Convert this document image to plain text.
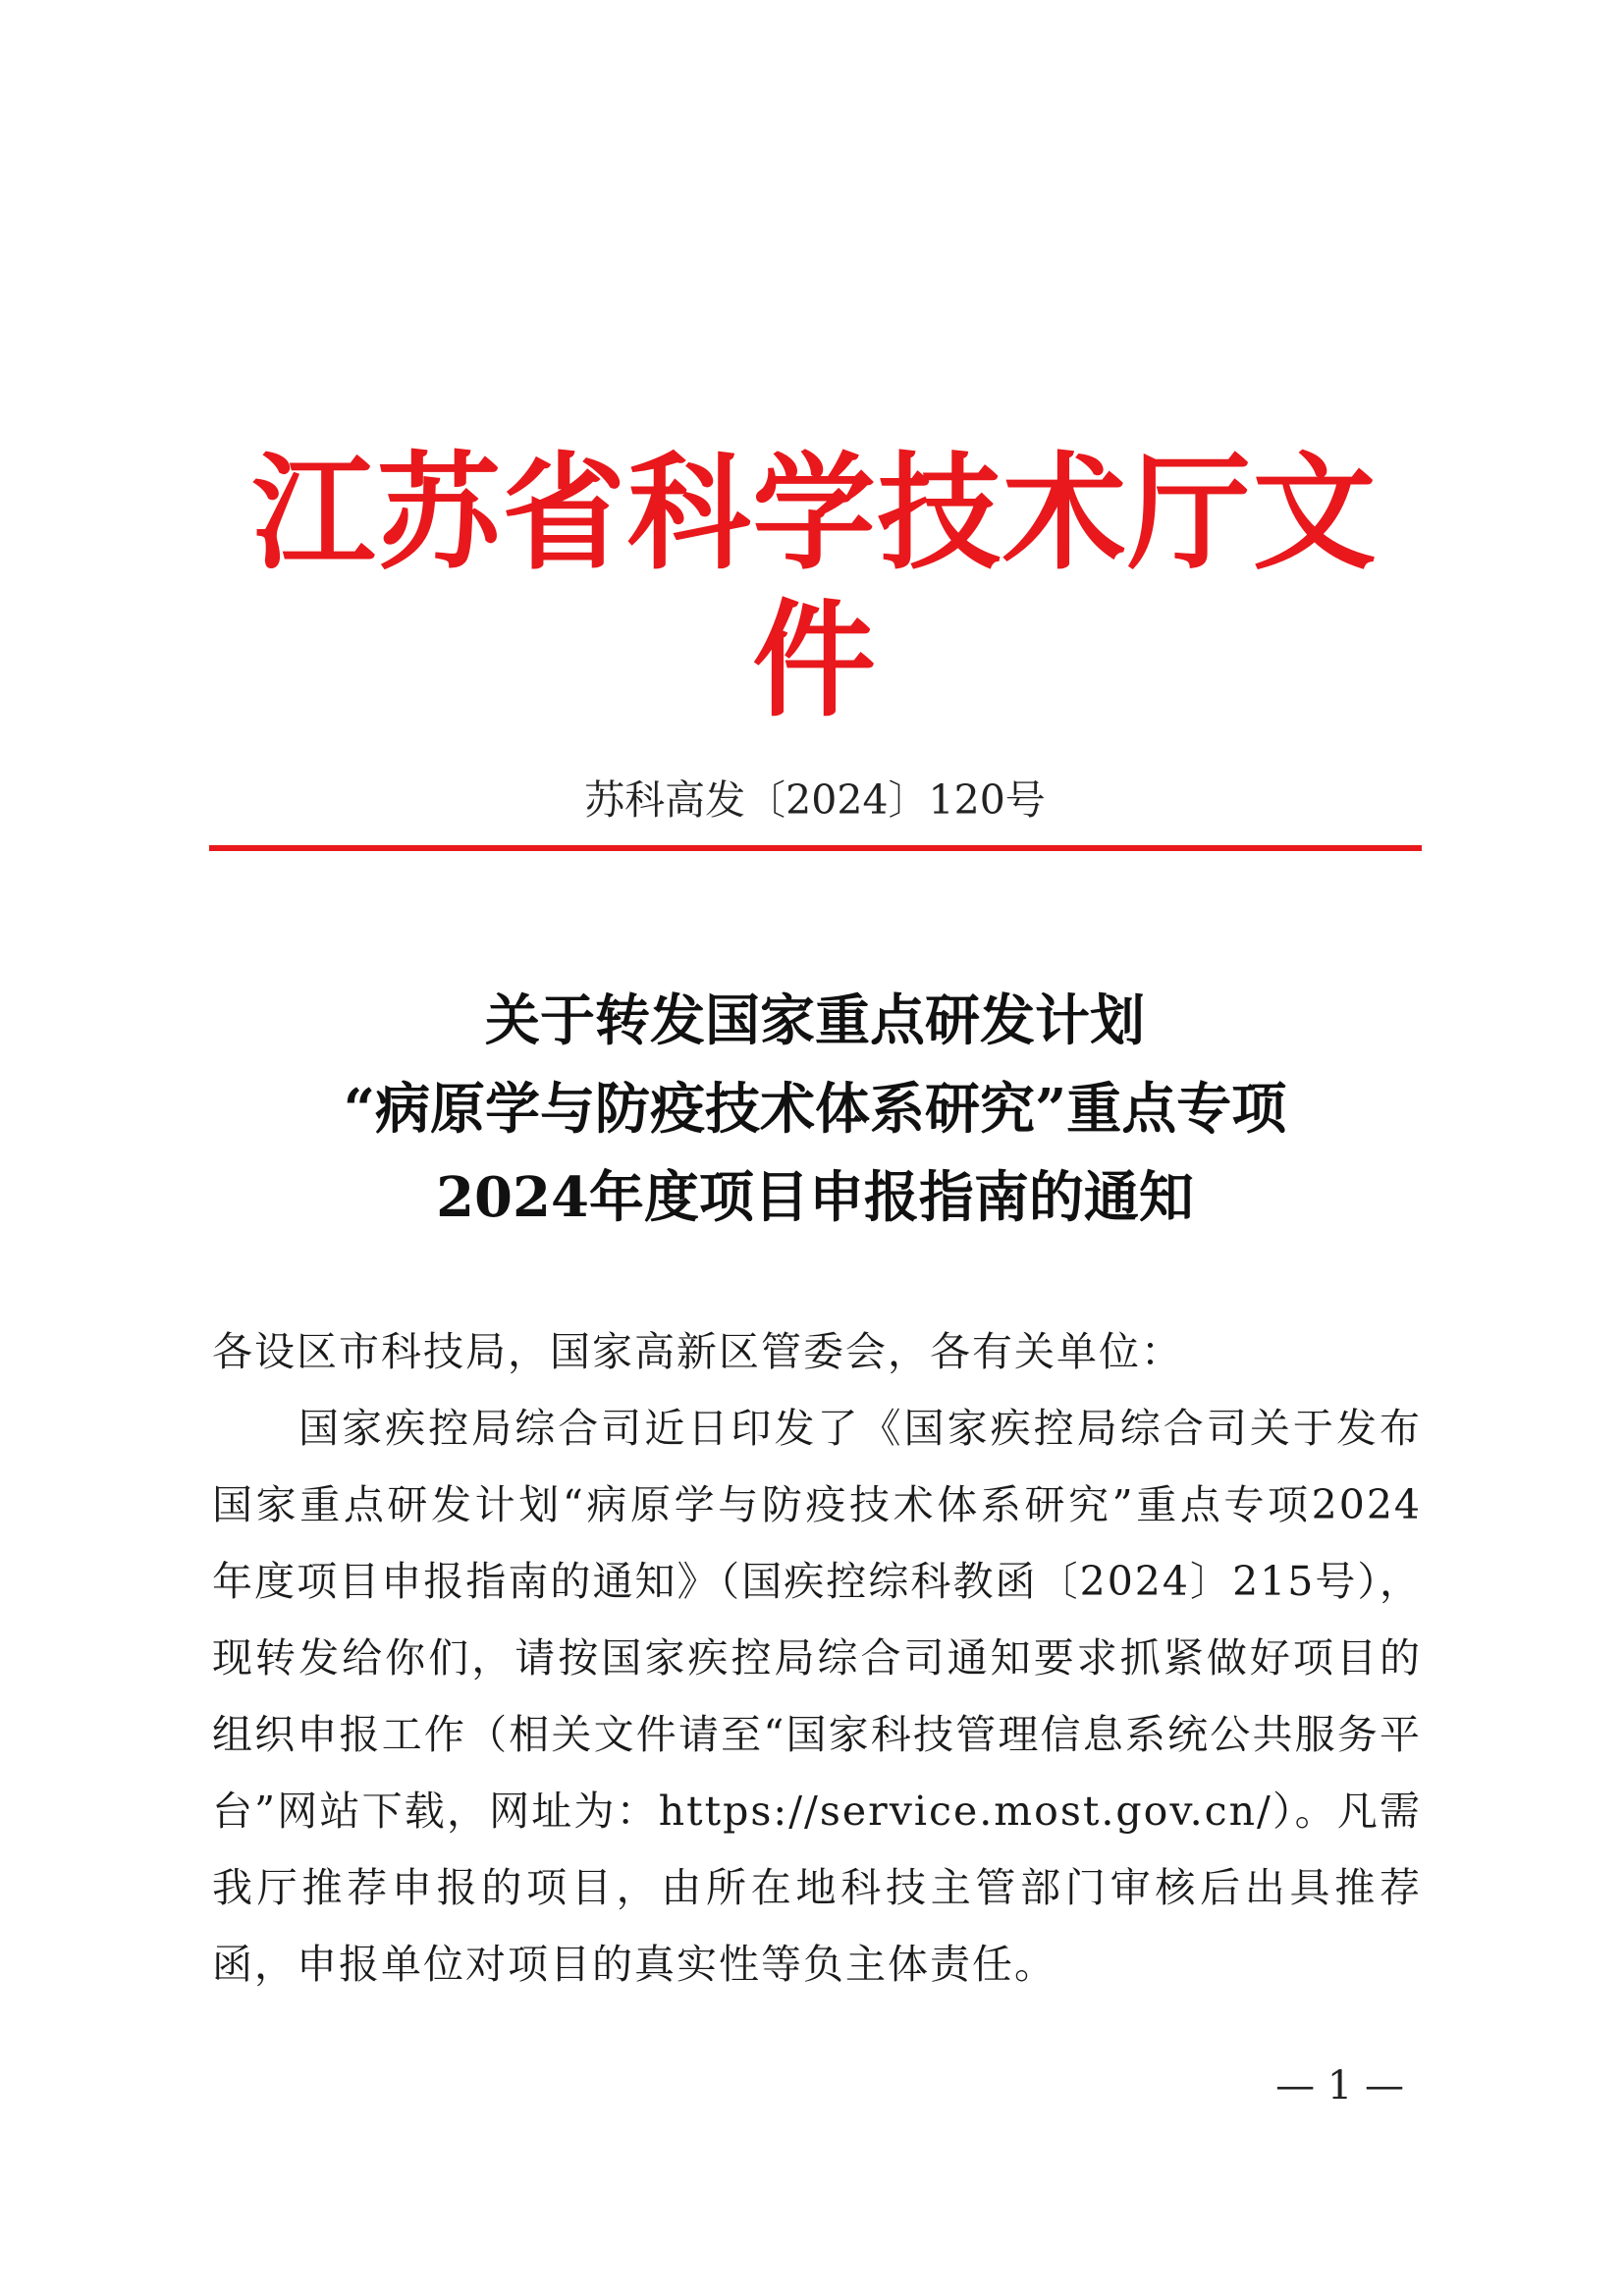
江苏省科学技术厅文件
苏科高发〔2024〕120号
关于转发国家重点研发计划
“病原学与防疫技术体系研究”重点专项
2024年度项目申报指南的通知

各设区市科技局，国家高新区管委会，各有关单位：

国家疾控局综合司近日印发了《国家疾控局综合司关于发布国家重点研发计划“病原学与防疫技术体系研究”重点专项2024年度项目申报指南的通知》（国疾控综科教函〔2024〕215号），现转发给你们，请按国家疾控局综合司通知要求抓紧做好项目的组织申报工作（相关文件请至“国家科技管理信息系统公共服务平台”网站下载，网址为：https://service.most.gov.cn/）。凡需我厅推荐申报的项目，由所在地科技主管部门审核后出具推荐函，申报单位对项目的真实性等负主体责任。

— 1 —
